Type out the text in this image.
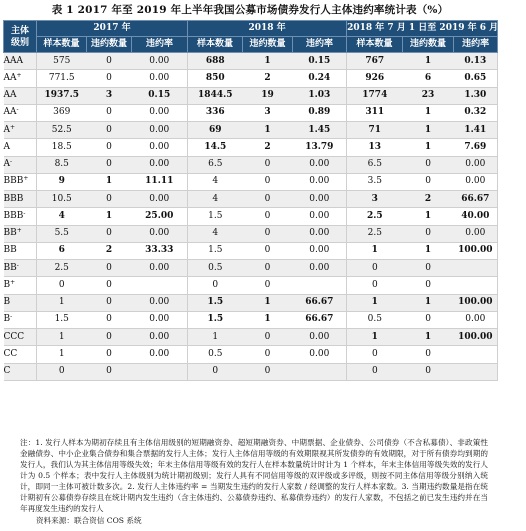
表 1 2017 年至 2019 年上半年我国公募市场债券发行人主体违约率统计表（%）
主体
级别	2017 年			2018 年			2018 年 7 月 1 日至 2019 年 6 月 30 日		
	样本数量	违约数量	违约率	样本数量	违约数量	违约率	样本数量	违约数量	违约率
AAA	575	0	0.00	688	1	0.15	767	1	0.13
AA+	771.5	0	0.00	850	2	0.24	926	6	0.65
AA	1937.5	3	0.15	1844.5	19	1.03	1774	23	1.30
AA-	369	0	0.00	336	3	0.89	311	1	0.32
A+	52.5	0	0.00	69	1	1.45	71	1	1.41
A	18.5	0	0.00	14.5	2	13.79	13	1	7.69
A-	8.5	0	0.00	6.5	0	0.00	6.5	0	0.00
BBB+	9	1	11.11	4	0	0.00	3.5	0	0.00
BBB	10.5	0	0.00	4	0	0.00	3	2	66.67
BBB-	4	1	25.00	1.5	0	0.00	2.5	1	40.00
BB+	5.5	0	0.00	4	0	0.00	2.5	0	0.00
BB	6	2	33.33	1.5	0	0.00	1	1	100.00
BB-	2.5	0	0.00	0.5	0	0.00	0	0	
B+	0	0		0	0		0	0	
B	1	0	0.00	1.5	1	66.67	1	1	100.00
B-	1.5	0	0.00	1.5	1	66.67	0.5	0	0.00
CCC	1	0	0.00	1	0	0.00	1	1	100.00
CC	1	0	0.00	0.5	0	0.00	0	0	
C	0	0		0	0		0	0	

注：1. 发行人样本为期初存续且有主体信用级别的短期融资券、超短期融资券、中期票据、企业债券、公司债券（不含私募债）、非政策性金融债券、中小企业集合债券和集合票据的发行人主体；发行人主体信用等级的有效期限视其所发债券的有效期限，对于所有债券均到期的发行人，我们认为其主体信用等级失效；年末主体信用等级有效的发行人在样本数量统计时计为 1 个样本，年末主体信用等级失效的发行人计为 0.5 个样本；表中发行人主体级别为统计期初级别；发行人具有不同信用等级的双评级或多评级，则按不同主体信用等级分别纳入统计，即同一主体可被计数多次。2. 发行人主体违约率 = 当期发生违约的发行人家数 / 经调整的发行人样本家数。3. 当期违约数量是指在统计期初有公募债券存续且在统计期内发生违约（含主体违约、公募债券违约、私募债券违约）的发行人家数，不包括之前已发生违约并在当年再度发生违约的发行人

资料来源：联合资信 COS 系统
